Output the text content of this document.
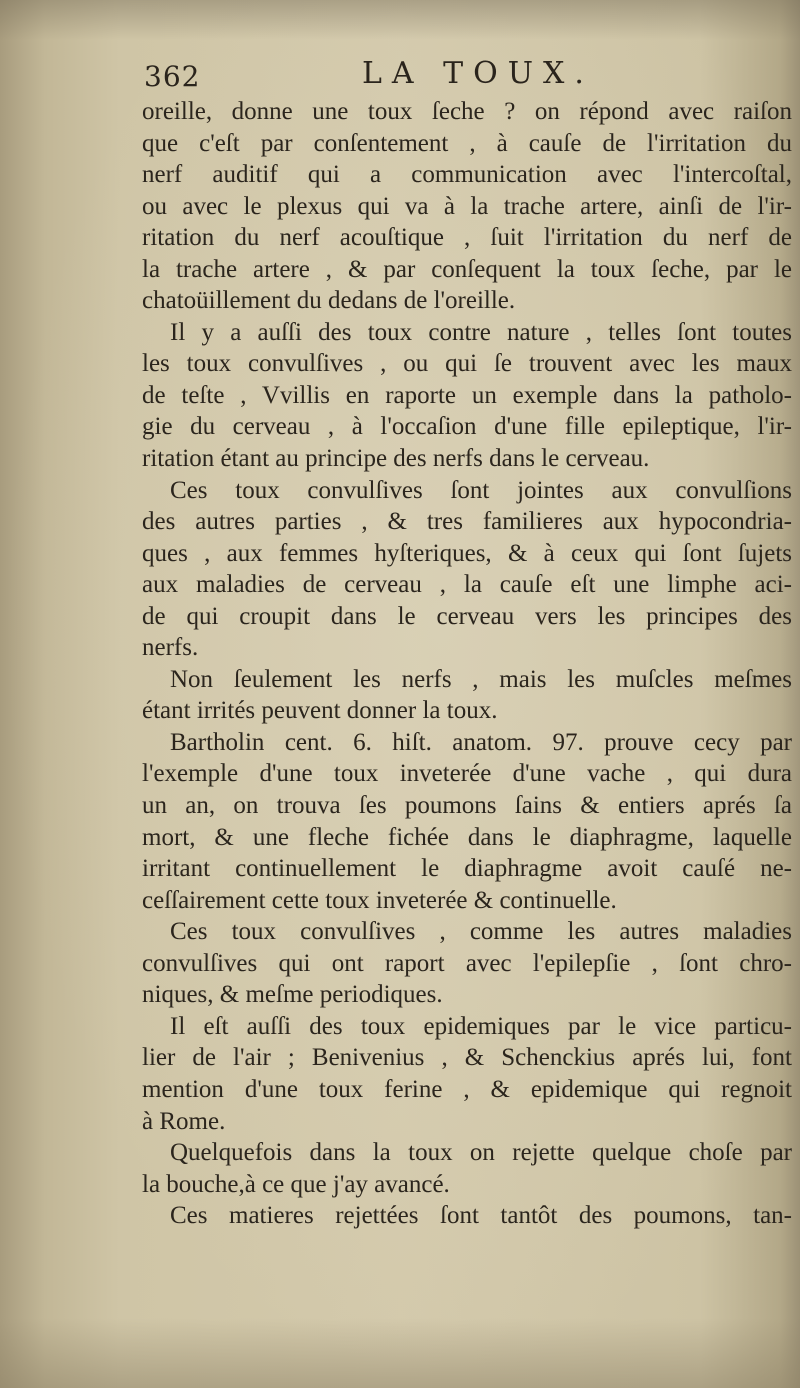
362	LA TOUX.
oreille, donne une toux ſeche ? on répond avec raiſon
que c'eſt par conſentement , à cauſe de l'irritation du
nerf auditif qui a communication avec l'intercoſtal,
ou avec le plexus qui va à la trache artere, ainſi de l'ir-
ritation du nerf acouſtique , ſuit l'irritation du nerf de
la trache artere , & par conſequent la toux ſeche, par le
chatoüillement du dedans de l'oreille.
Il y a auſſi des toux contre nature , telles ſont toutes
les toux convulſives , ou qui ſe trouvent avec les maux
de teſte , Vvillis en raporte un exemple dans la patholo-
gie du cerveau , à l'occaſion d'une fille epileptique, l'ir-
ritation étant au principe des nerfs dans le cerveau.
Ces toux convulſives ſont jointes aux convulſions
des autres parties , & tres familieres aux hypocondria-
ques , aux femmes hyſteriques, & à ceux qui ſont ſujets
aux maladies de cerveau , la cauſe eſt une limphe aci-
de qui croupit dans le cerveau vers les principes des
nerfs.
Non ſeulement les nerfs , mais les muſcles meſmes
étant irrités peuvent donner la toux.
Bartholin cent. 6. hiſt. anatom. 97. prouve cecy par
l'exemple d'une toux inveterée d'une vache , qui dura
un an, on trouva ſes poumons ſains & entiers aprés ſa
mort, & une fleche fichée dans le diaphragme, laquelle
irritant continuellement le diaphragme avoit cauſé ne-
ceſſairement cette toux inveterée & continuelle.
Ces toux convulſives , comme les autres maladies
convulſives qui ont raport avec l'epilepſie , ſont chro-
niques, & meſme periodiques.
Il eſt auſſi des toux epidemiques par le vice particu-
lier de l'air ; Benivenius , & Schenckius aprés lui, font
mention d'une toux ferine , & epidemique qui regnoit
à Rome.
Quelquefois dans la toux on rejette quelque choſe par
la bouche,à ce que j'ay avancé.
Ces matieres rejettées ſont tantôt des poumons, tan-
